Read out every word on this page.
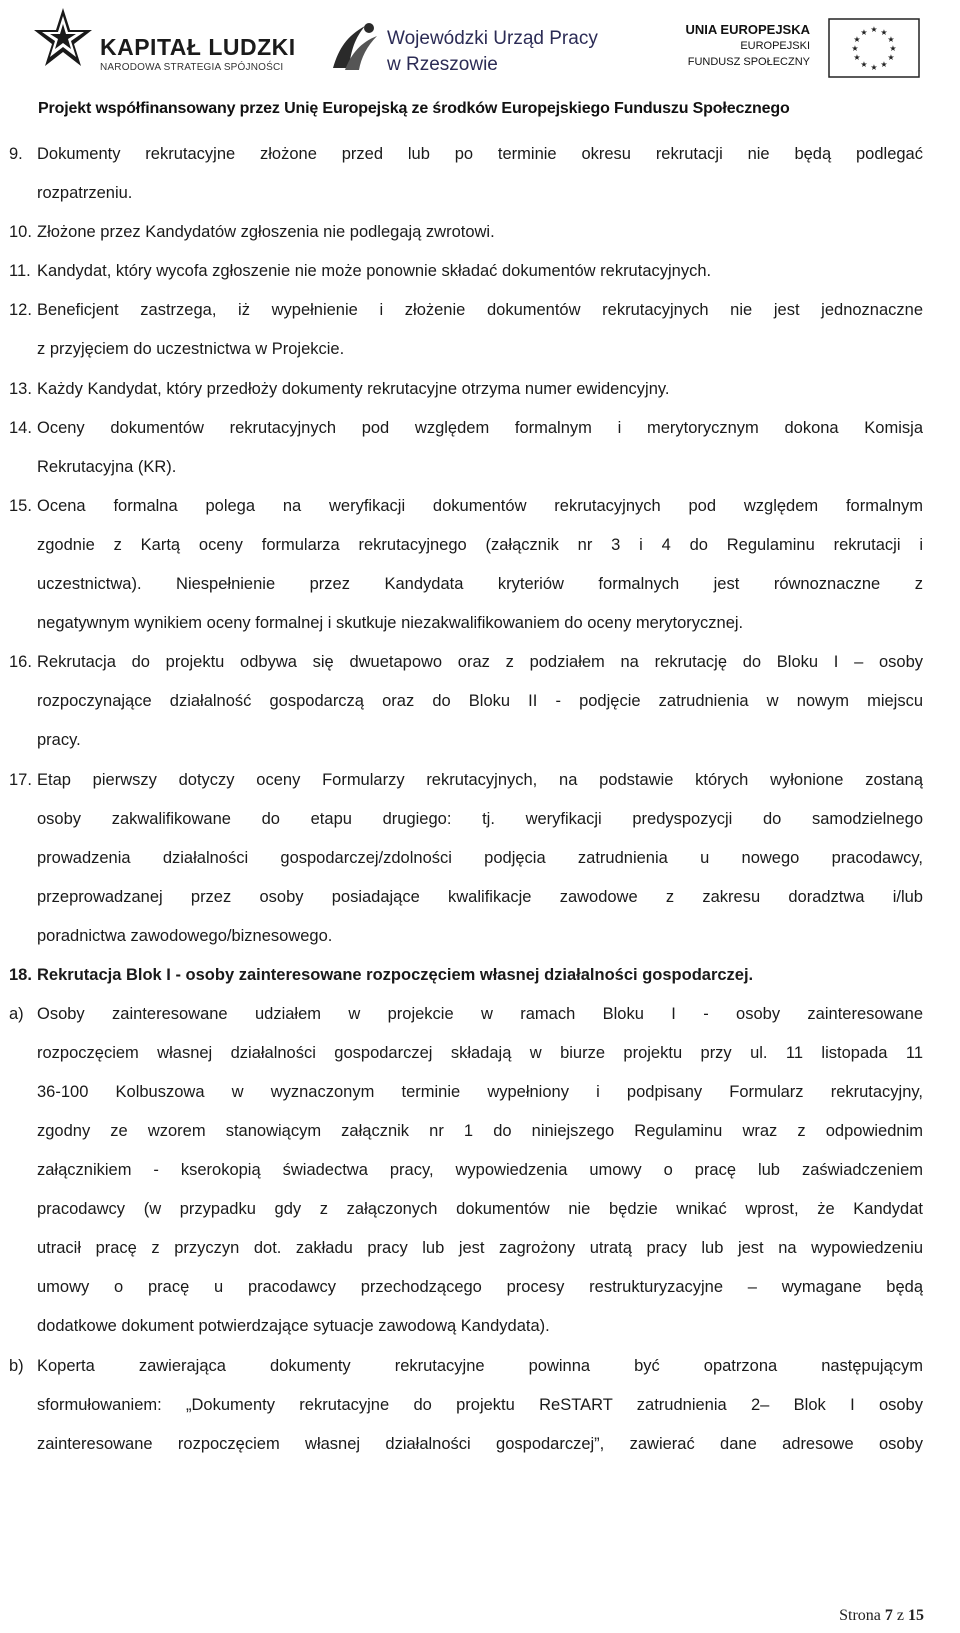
KAPITAŁ LUDZKI
NARODOWA STRATEGIA SPÓJNOŚCI
Wojewódzki Urząd Pracy
w Rzeszowie
UNIA EUROPEJSKA
EUROPEJSKI
FUNDUSZ SPOŁECZNY
★ ★
★
★
★
★
★
★
★
★
★
★
Projekt współfinansowany przez Unię Europejską ze środków Europejskiego Funduszu Społecznego
9. Dokumenty rekrutacyjne złożone przed lub po terminie okresu rekrutacji nie będą podlegać
rozpatrzeniu.
10. Złożone przez Kandydatów zgłoszenia nie podlegają zwrotowi.
11. Kandydat, który wycofa zgłoszenie nie może ponownie składać dokumentów rekrutacyjnych.
12. Beneficjent zastrzega, iż wypełnienie i złożenie dokumentów rekrutacyjnych nie jest jednoznaczne
z przyjęciem do uczestnictwa w Projekcie.
13. Każdy Kandydat, który przedłoży dokumenty rekrutacyjne otrzyma numer ewidencyjny.
14. Oceny dokumentów rekrutacyjnych pod względem formalnym i merytorycznym dokona Komisja
Rekrutacyjna (KR).
15. Ocena formalna polega na weryfikacji dokumentów rekrutacyjnych pod względem formalnym
zgodnie z Kartą oceny formularza rekrutacyjnego (załącznik nr 3 i 4 do Regulaminu rekrutacji i
uczestnictwa). Niespełnienie przez Kandydata kryteriów formalnych jest równoznaczne z
negatywnym wynikiem oceny formalnej i skutkuje niezakwalifikowaniem do oceny merytorycznej.
16. Rekrutacja do projektu odbywa się dwuetapowo oraz z podziałem na rekrutację do Bloku I – osoby
rozpoczynające działalność gospodarczą oraz do Bloku II - podjęcie zatrudnienia w nowym miejscu
pracy.
17. Etap pierwszy dotyczy oceny Formularzy rekrutacyjnych, na podstawie których wyłonione zostaną
osoby zakwalifikowane do etapu drugiego: tj. weryfikacji predyspozycji do samodzielnego
prowadzenia działalności gospodarczej/zdolności podjęcia zatrudnienia u nowego pracodawcy,
przeprowadzanej przez osoby posiadające kwalifikacje zawodowe z zakresu doradztwa i/lub
poradnictwa zawodowego/biznesowego.
18. Rekrutacja Blok I - osoby zainteresowane rozpoczęciem własnej działalności gospodarczej.
a) Osoby zainteresowane udziałem w projekcie w ramach Bloku I - osoby zainteresowane
rozpoczęciem własnej działalności gospodarczej składają w biurze projektu przy ul. 11 listopada 11
36-100 Kolbuszowa w wyznaczonym terminie wypełniony i podpisany Formularz rekrutacyjny,
zgodny ze wzorem stanowiącym załącznik nr 1 do niniejszego Regulaminu wraz z odpowiednim
załącznikiem - kserokopią świadectwa pracy, wypowiedzenia umowy o pracę lub zaświadczeniem
pracodawcy (w przypadku gdy z załączonych dokumentów nie będzie wnikać wprost, że Kandydat
utracił pracę z przyczyn dot. zakładu pracy lub jest zagrożony utratą pracy lub jest na wypowiedzeniu
umowy o pracę u pracodawcy przechodzącego procesy restrukturyzacyjne – wymagane będą
dodatkowe dokument potwierdzające sytuacje zawodową Kandydata).
b) Koperta zawierająca dokumenty rekrutacyjne powinna być opatrzona następującym
sformułowaniem: „Dokumenty rekrutacyjne do projektu ReSTART zatrudnienia 2– Blok I osoby
zainteresowane rozpoczęciem własnej działalności gospodarczej”, zawierać dane adresowe osoby
Strona 7 z 15
